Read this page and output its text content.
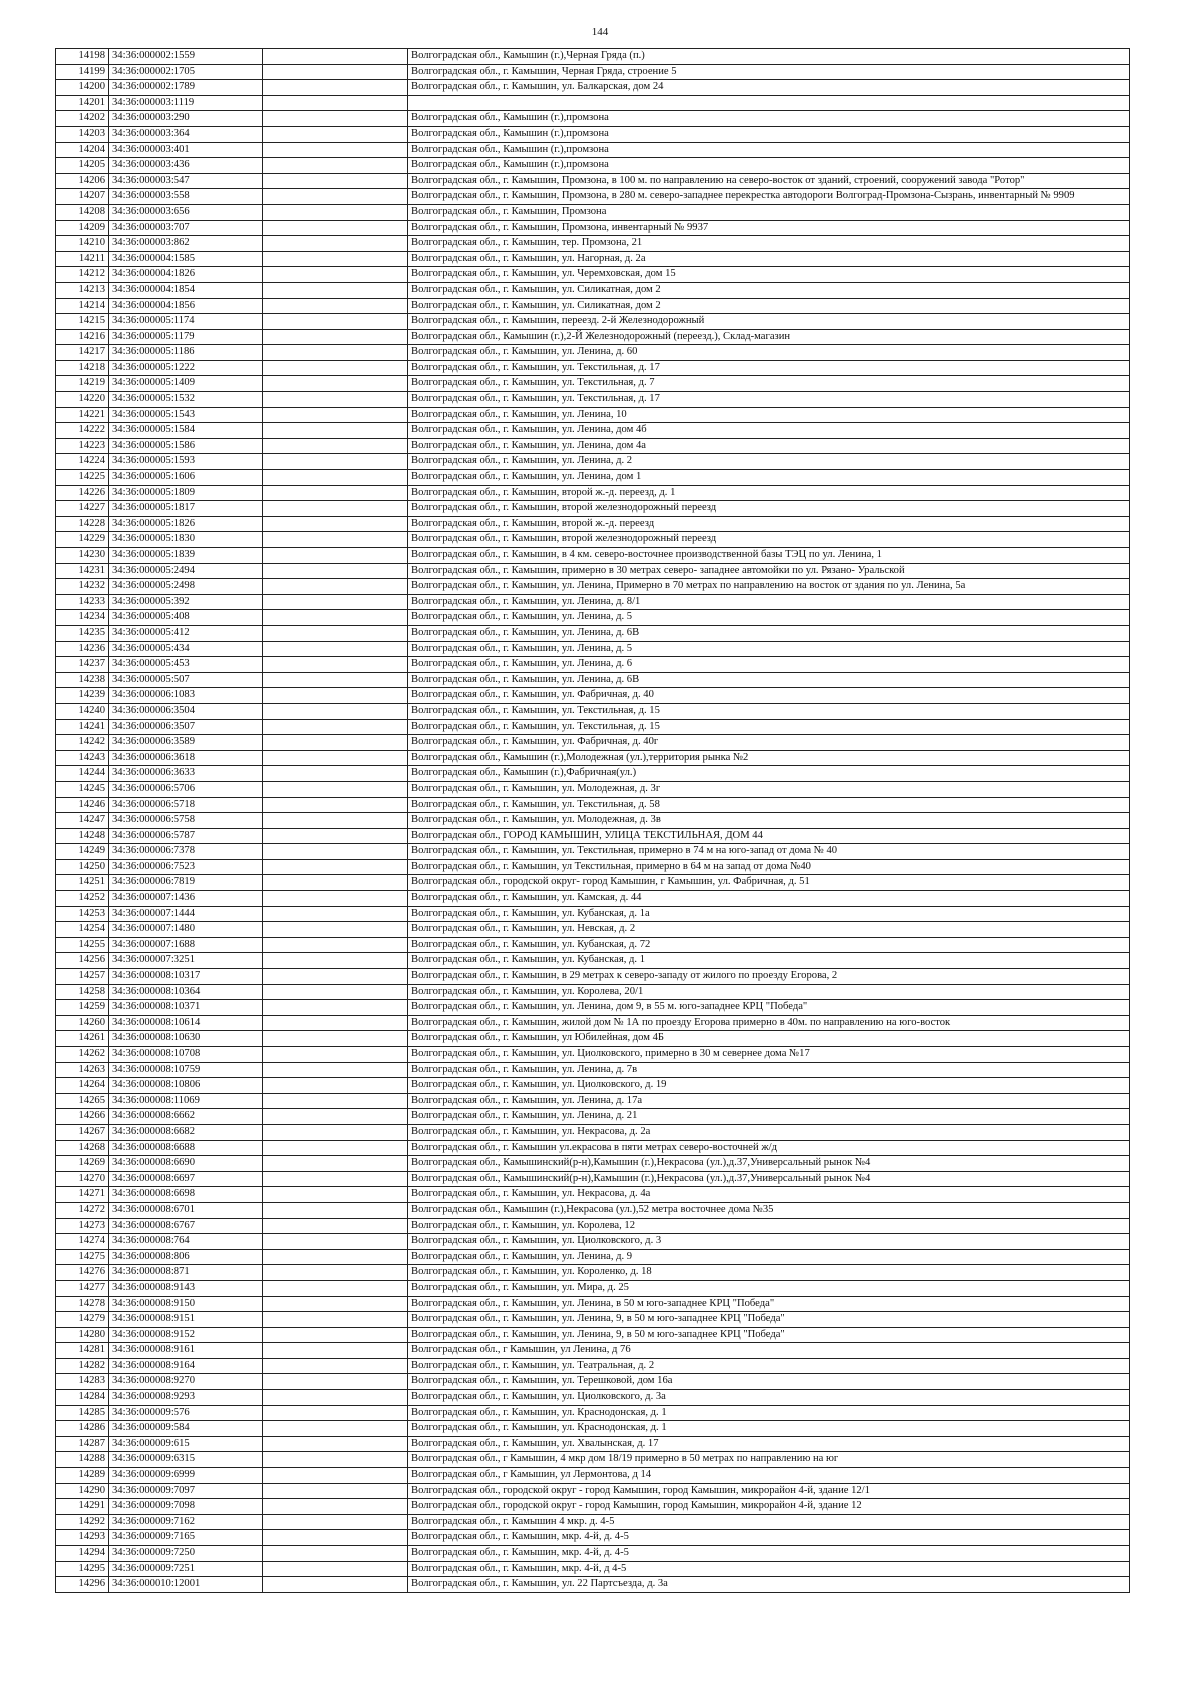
144
14198	34:36:000002:1559		Волгоградская обл., Камышин (г.),Черная Гряда (п.)
14199	34:36:000002:1705		Волгоградская обл., г. Камышин, Черная Гряда, строение 5
14200	34:36:000002:1789		Волгоградская обл., г. Камышин, ул. Балкарская, дом 24
14201	34:36:000003:1119		
14202	34:36:000003:290		Волгоградская обл., Камышин (г.),промзона
14203	34:36:000003:364		Волгоградская обл., Камышин (г.),промзона
14204	34:36:000003:401		Волгоградская обл., Камышин (г.),промзона
14205	34:36:000003:436		Волгоградская обл., Камышин (г.),промзона
14206	34:36:000003:547		Волгоградская обл., г. Камышин, Промзона, в 100 м. по направлению на северо-восток от зданий, строений, сооружений завода "Ротор"
14207	34:36:000003:558		Волгоградская обл., г. Камышин, Промзона, в 280 м. северо-западнее перекрестка автодороги Волгоград-Промзона-Сызрань, инвентарный № 9909
14208	34:36:000003:656		Волгоградская обл., г. Камышин, Промзона
14209	34:36:000003:707		Волгоградская обл., г. Камышин, Промзона, инвентарный № 9937
14210	34:36:000003:862		Волгоградская обл., г. Камышин, тер. Промзона, 21
14211	34:36:000004:1585		Волгоградская обл., г. Камышин, ул. Нагорная, д. 2а
14212	34:36:000004:1826		Волгоградская обл., г. Камышин, ул. Черемховская, дом 15
14213	34:36:000004:1854		Волгоградская обл., г. Камышин, ул. Силикатная, дом 2
14214	34:36:000004:1856		Волгоградская обл., г. Камышин, ул. Силикатная, дом 2
14215	34:36:000005:1174		Волгоградская обл., г. Камышин, переезд. 2-й Железнодорожный
14216	34:36:000005:1179		Волгоградская обл., Камышин (г.),2-Й Железнодорожный (переезд.), Склад-магазин
14217	34:36:000005:1186		Волгоградская обл., г. Камышин, ул. Ленина, д. 60
14218	34:36:000005:1222		Волгоградская обл., г. Камышин, ул. Текстильная, д. 17
14219	34:36:000005:1409		Волгоградская обл., г. Камышин, ул. Текстильная, д. 7
14220	34:36:000005:1532		Волгоградская обл., г. Камышин, ул. Текстильная, д. 17
14221	34:36:000005:1543		Волгоградская обл., г. Камышин, ул. Ленина, 10
14222	34:36:000005:1584		Волгоградская обл., г. Камышин, ул. Ленина, дом 4б
14223	34:36:000005:1586		Волгоградская обл., г. Камышин, ул. Ленина, дом 4а
14224	34:36:000005:1593		Волгоградская обл., г. Камышин, ул. Ленина, д. 2
14225	34:36:000005:1606		Волгоградская обл., г. Камышин, ул. Ленина, дом 1
14226	34:36:000005:1809		Волгоградская обл., г. Камышин, второй ж.-д. переезд, д. 1
14227	34:36:000005:1817		Волгоградская обл., г. Камышин, второй железнодорожный переезд
14228	34:36:000005:1826		Волгоградская обл., г. Камышин, второй ж.-д. переезд
14229	34:36:000005:1830		Волгоградская обл., г. Камышин, второй железнодорожный переезд
14230	34:36:000005:1839		Волгоградская обл., г. Камышин, в 4 км. северо-восточнее производственной базы ТЭЦ по ул. Ленина, 1
14231	34:36:000005:2494		Волгоградская обл., г. Камышин, примерно в 30 метрах северо- западнее автомойки по ул. Рязано- Уральской
14232	34:36:000005:2498		Волгоградская обл., г. Камышин, ул. Ленина, Примерно в 70 метрах по направлению на восток от здания по ул. Ленина, 5а
14233	34:36:000005:392		Волгоградская обл., г. Камышин, ул. Ленина, д. 8/1
14234	34:36:000005:408		Волгоградская обл., г. Камышин, ул. Ленина, д. 5
14235	34:36:000005:412		Волгоградская обл., г. Камышин, ул. Ленина, д. 6В
14236	34:36:000005:434		Волгоградская обл., г. Камышин, ул. Ленина, д. 5
14237	34:36:000005:453		Волгоградская обл., г. Камышин, ул. Ленина, д. 6
14238	34:36:000005:507		Волгоградская обл., г. Камышин, ул. Ленина, д. 6В
14239	34:36:000006:1083		Волгоградская обл., г. Камышин, ул. Фабричная, д. 40
14240	34:36:000006:3504		Волгоградская обл., г. Камышин, ул. Текстильная, д. 15
14241	34:36:000006:3507		Волгоградская обл., г. Камышин, ул. Текстильная, д. 15
14242	34:36:000006:3589		Волгоградская обл., г. Камышин, ул. Фабричная, д. 40г
14243	34:36:000006:3618		Волгоградская обл., Камышин (г.),Молодежная (ул.),территория рынка №2
14244	34:36:000006:3633		Волгоградская обл., Камышин (г.),Фабричная(ул.)
14245	34:36:000006:5706		Волгоградская обл., г. Камышин, ул. Молодежная, д. 3г
14246	34:36:000006:5718		Волгоградская обл., г. Камышин, ул. Текстильная, д. 58
14247	34:36:000006:5758		Волгоградская обл., г. Камышин, ул. Молодежная, д. 3в
14248	34:36:000006:5787		Волгоградская обл., ГОРОД КАМЫШИН, УЛИЦА ТЕКСТИЛЬНАЯ, ДОМ 44
14249	34:36:000006:7378		Волгоградская обл., г. Камышин, ул. Текстильная, примерно в 74 м на юго-запад от дома № 40
14250	34:36:000006:7523		Волгоградская обл., г. Камышин, ул Текстильная, примерно в 64 м на запад от дома №40
14251	34:36:000006:7819		Волгоградская обл., городской округ- город Камышин, г Камышин, ул. Фабричная, д. 51
14252	34:36:000007:1436		Волгоградская обл., г. Камышин, ул. Камская, д. 44
14253	34:36:000007:1444		Волгоградская обл., г. Камышин, ул. Кубанская, д. 1а
14254	34:36:000007:1480		Волгоградская обл., г. Камышин, ул. Невская, д. 2
14255	34:36:000007:1688		Волгоградская обл., г. Камышин, ул. Кубанская, д. 72
14256	34:36:000007:3251		Волгоградская обл., г. Камышин, ул. Кубанская, д. 1
14257	34:36:000008:10317		Волгоградская обл., г. Камышин, в 29 метрах к северо-западу от жилого по проезду Егорова, 2
14258	34:36:000008:10364		Волгоградская обл., г. Камышин, ул. Королева, 20/1
14259	34:36:000008:10371		Волгоградская обл., г. Камышин, ул. Ленина, дом 9, в 55 м. юго-западнее КРЦ "Победа"
14260	34:36:000008:10614		Волгоградская обл., г. Камышин, жилой дом № 1А по проезду Егорова примерно в 40м. по направлению на юго-восток
14261	34:36:000008:10630		Волгоградская обл., г. Камышин, ул Юбилейная, дом 4Б
14262	34:36:000008:10708		Волгоградская обл., г. Камышин, ул. Циолковского, примерно в 30 м севернее дома №17
14263	34:36:000008:10759		Волгоградская обл., г. Камышин, ул. Ленина, д. 7в
14264	34:36:000008:10806		Волгоградская обл., г. Камышин, ул. Циолковского, д. 19
14265	34:36:000008:11069		Волгоградская обл., г. Камышин, ул. Ленина, д. 17а
14266	34:36:000008:6662		Волгоградская обл., г. Камышин, ул. Ленина, д. 21
14267	34:36:000008:6682		Волгоградская обл., г. Камышин, ул. Некрасова, д. 2а
14268	34:36:000008:6688		Волгоградская обл., г. Камышин ул.екрасова в пяти метрах северо-восточней ж/д
14269	34:36:000008:6690		Волгоградская обл., Камышинский(р-н),Камышин (г.),Некрасова (ул.),д.37,Универсальный рынок №4
14270	34:36:000008:6697		Волгоградская обл., Камышинский(р-н),Камышин (г.),Некрасова (ул.),д.37,Универсальный рынок №4
14271	34:36:000008:6698		Волгоградская обл., г. Камышин, ул. Некрасова, д. 4а
14272	34:36:000008:6701		Волгоградская обл., Камышин (г.),Некрасова (ул.),52 метра восточнее дома №35
14273	34:36:000008:6767		Волгоградская обл., г. Камышин, ул. Королева, 12
14274	34:36:000008:764		Волгоградская обл., г. Камышин, ул. Циолковского, д. 3
14275	34:36:000008:806		Волгоградская обл., г. Камышин, ул. Ленина, д. 9
14276	34:36:000008:871		Волгоградская обл., г. Камышин, ул. Короленко, д. 18
14277	34:36:000008:9143		Волгоградская обл., г. Камышин, ул. Мира, д. 25
14278	34:36:000008:9150		Волгоградская обл., г. Камышин, ул. Ленина, в 50 м юго-западнее КРЦ "Победа"
14279	34:36:000008:9151		Волгоградская обл., г. Камышин, ул. Ленина, 9, в 50 м юго-западнее КРЦ "Победа"
14280	34:36:000008:9152		Волгоградская обл., г. Камышин, ул. Ленина, 9, в 50 м юго-западнее КРЦ "Победа"
14281	34:36:000008:9161		Волгоградская обл., г Камышин, ул Ленина, д 76
14282	34:36:000008:9164		Волгоградская обл., г. Камышин, ул. Театральная, д. 2
14283	34:36:000008:9270		Волгоградская обл., г. Камышин, ул. Терешковой, дом 16а
14284	34:36:000008:9293		Волгоградская обл., г. Камышин, ул. Циолковского, д. 3а
14285	34:36:000009:576		Волгоградская обл., г. Камышин, ул. Краснодонская, д. 1
14286	34:36:000009:584		Волгоградская обл., г. Камышин, ул. Краснодонская, д. 1
14287	34:36:000009:615		Волгоградская обл., г. Камышин, ул. Хвалынская, д. 17
14288	34:36:000009:6315		Волгоградская обл., г Камышин, 4 мкр дом 18/19 примерно в 50 метрах по направлению на юг
14289	34:36:000009:6999		Волгоградская обл., г Камышин, ул Лермонтова, д 14
14290	34:36:000009:7097		Волгоградская обл., городской округ - город Камышин, город Камышин, микрорайон 4-й, здание 12/1
14291	34:36:000009:7098		Волгоградская обл., городской округ - город Камышин, город Камышин, микрорайон 4-й, здание 12
14292	34:36:000009:7162		Волгоградская обл., г. Камышин 4 мкр. д. 4-5
14293	34:36:000009:7165		Волгоградская обл., г. Камышин, мкр. 4-й, д. 4-5
14294	34:36:000009:7250		Волгоградская обл., г. Камышин, мкр. 4-й, д. 4-5
14295	34:36:000009:7251		Волгоградская обл., г. Камышин, мкр. 4-й, д 4-5
14296	34:36:000010:12001		Волгоградская обл., г. Камышин, ул. 22 Партсъезда, д. 3а
